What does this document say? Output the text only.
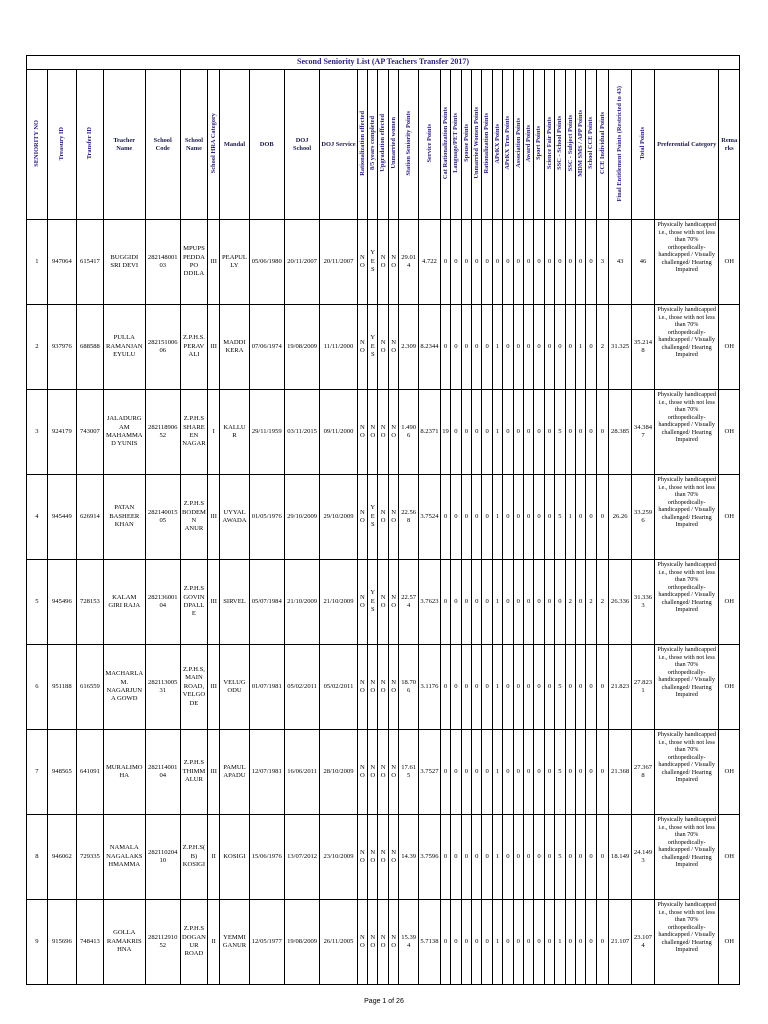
Second Seniority List (AP Teachers Transfer 2017)																																				
SENIORITY NO	Treasury ID	Transfer ID	Teacher Name	School Code	School Name	School HRA Category	Mandal	DOB	DOJ School	DOJ Service	Rationalization effected	8/5 years completed	Upgradation effected	Unmarried women	Station Seniority Points	Service Points	Cat Rationalization Points	Language/PET Points	Spouse Points	Unmarried Women Points	Rationalization Points	APeKX Points	APeKX Trns Points	Association Points	Award Points	Sport Points	Science Fair Points	SSC - School Points	SSC - Subject Points	MDM SMS / APP Points	School CCE Points	CCE Individual Points	Final Entitlement Points (Restricted to 43)	Total Points	Preferential Category	Remarks
1	947064	615417	BUGGIDI SRI DEVI	28214800103	MPUPS PEDDAPO DDILA	III	PEAPULLY	05/06/1980	20/11/2007	20/11/2007	NO	YES	NO	NO	29.014	4.722	0	0	0	0	0	0	0	0	0	0	0	0	0	0	0	3	43	46	Physically handicapped i.e., those with not less than 70% orthopedically-handicapped / Visually challenged/ Hearing Impaired	OH
2	937976	688588	PULLA RAMANJANEYULU	28215100606	Z.P.H.S. PERAVALI	III	MADDIKERA	07/06/1974	19/08/2009	11/11/2000	NO	YES	NO	NO	2.309	8.2344	0	0	0	0	0	1	0	0	0	0	0	0	0	1	0	2	31.325	35.2148	Physically handicapped i.e., those with not less than 70% orthopedically-handicapped / Visually challenged/ Hearing Impaired	OH
3	924179	743007	JALADURGAM MAHAMMAD YUNIS	28211890652	Z.P.H.S SHAREEN NAGAR	I	KALLUR	29/11/1959	03/11/2015	09/11/2000	NO	NO	NO	NO	1.4906	8.2371	19	0	0	0	0	1	0	0	0	0	0	5	0	0	0	0	28.385	34.3847	Physically handicapped i.e., those with not less than 70% orthopedically-handicapped / Visually challenged/ Hearing Impaired	OH
4	945449	626914	PATAN BASHEER KHAN	28214001505	Z.P.H.S BODEMN ANUR	III	UYYALAWADA	01/05/1976	29/10/2009	29/10/2009	NO	YES	NO	NO	22.568	3.7524	0	0	0	0	0	1	0	0	0	0	0	5	1	0	0	0	26.26	33.2596	Physically handicapped i.e., those with not less than 70% orthopedically-handicapped / Visually challenged/ Hearing Impaired	OH
5	945496	728153	KALAM GIRI RAJA	28213600104	Z.P.H.S GOVINDPALLE	III	SIRVEL	05/07/1984	21/10/2009	21/10/2009	NO	YES	NO	NO	22.574	3.7623	0	0	0	0	0	1	0	0	0	0	0	0	2	0	2	2	26.336	31.3363	Physically handicapped i.e., those with not less than 70% orthopedically-handicapped / Visually challenged/ Hearing Impaired	OH
6	951188	616559	MACHARLA M. NAGARJUNA GOWD	28211300531	Z.P.H.S, MAIN ROAD, VELGODE	III	VELUGODU	01/07/1981	05/02/2011	05/02/2011	NO	NO	NO	NO	18.706	3.1176	0	0	0	0	0	1	0	0	0	0	0	5	0	0	0	0	21.823	27.8231	Physically handicapped i.e., those with not less than 70% orthopedically-handicapped / Visually challenged/ Hearing Impaired	OH
7	948565	641091	MURALIMOHA	28211400104	Z.P.H.S THIMMALUR	III	PAMULAPADU	12/07/1981	16/06/2011	28/10/2009	NO	NO	NO	NO	17.615	3.7527	0	0	0	0	0	1	0	0	0	0	0	5	0	0	0	0	21.368	27.3678	Physically handicapped i.e., those with not less than 70% orthopedically-handicapped / Visually challenged/ Hearing Impaired	OH
8	946062	729335	NAMALA NAGALAKSHMAMMA	28211020410	Z.P.H.S(B) KOSIGI	II	KOSIGI	15/06/1976	13/07/2012	23/10/2009	NO	NO	NO	NO	14.39	3.7596	0	0	0	0	0	1	0	0	0	0	0	5	0	0	0	0	18.149	24.1493	Physically handicapped i.e., those with not less than 70% orthopedically-handicapped / Visually challenged/ Hearing Impaired	OH
9	915696	748413	GOLLA RAMAKRISHNA	28211291052	Z.P.H.S DOGANUR ROAD	II	YEMMIGANUR	12/05/1977	19/08/2009	26/11/2005	NO	NO	NO	NO	15.394	5.7138	0	0	0	0	0	1	0	0	0	0	0	1	0	0	0	0	21.107	23.1074	Physically handicapped i.e., those with not less than 70% orthopedically-handicapped / Visually challenged/ Hearing Impaired	OH
Page 1 of 26
